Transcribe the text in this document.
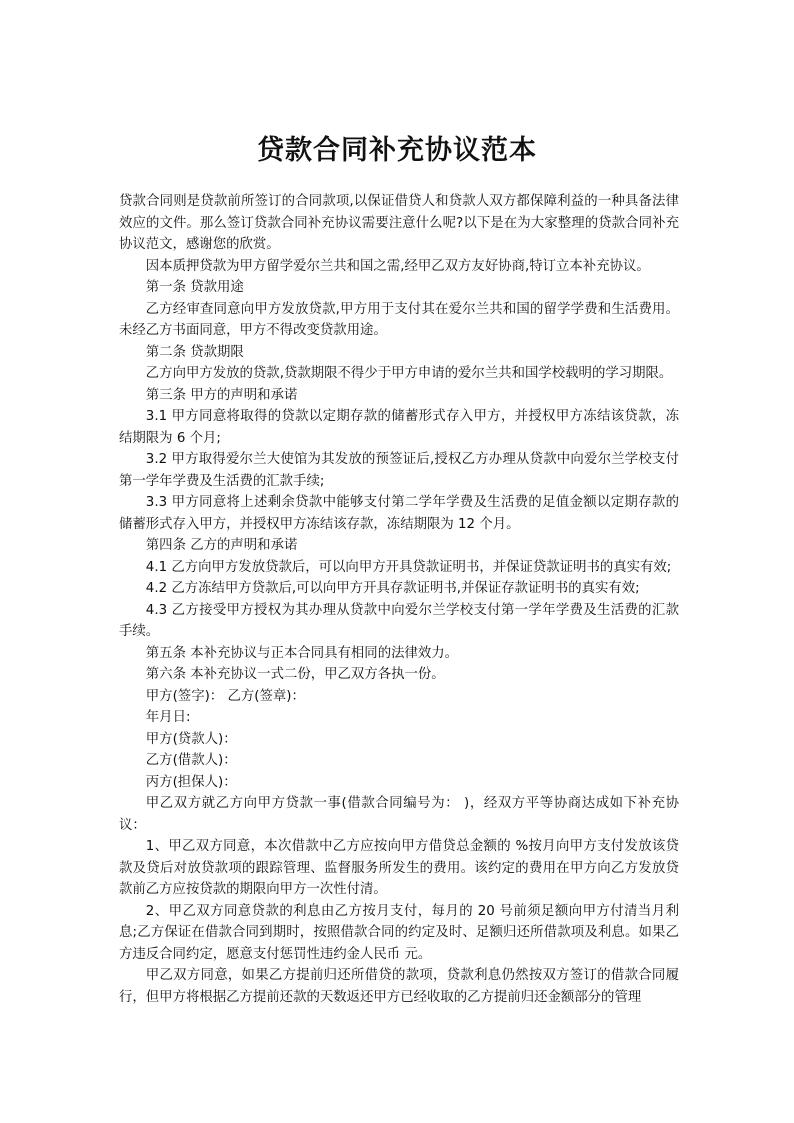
贷款合同补充协议范本

贷款合同则是贷款前所签订的合同款项,以保证借贷人和贷款人双方都保障利益的一种具备法律效应的文件。那么签订贷款合同补充协议需要注意什么呢?以下是在为大家整理的贷款合同补充协议范文，感谢您的欣赏。

因本质押贷款为甲方留学爱尔兰共和国之需,经甲乙双方友好协商,特订立本补充协议。

第一条 贷款用途

乙方经审查同意向甲方发放贷款,甲方用于支付其在爱尔兰共和国的留学学费和生活费用。未经乙方书面同意，甲方不得改变贷款用途。

第二条 贷款期限

乙方向甲方发放的贷款,贷款期限不得少于甲方申请的爱尔兰共和国学校载明的学习期限。

第三条 甲方的声明和承诺

3.1 甲方同意将取得的贷款以定期存款的储蓄形式存入甲方，并授权甲方冻结该贷款，冻结期限为 6 个月;

3.2 甲方取得爱尔兰大使馆为其发放的预签证后,授权乙方办理从贷款中向爱尔兰学校支付第一学年学费及生活费的汇款手续;

3.3 甲方同意将上述剩余贷款中能够支付第二学年学费及生活费的足值金额以定期存款的储蓄形式存入甲方，并授权甲方冻结该存款，冻结期限为 12 个月。

第四条 乙方的声明和承诺

4.1 乙方向甲方发放贷款后，可以向甲方开具贷款证明书，并保证贷款证明书的真实有效;

4.2 乙方冻结甲方贷款后,可以向甲方开具存款证明书,并保证存款证明书的真实有效;

4.3 乙方接受甲方授权为其办理从贷款中向爱尔兰学校支付第一学年学费及生活费的汇款手续。

第五条 本补充协议与正本合同具有相同的法律效力。

第六条 本补充协议一式二份，甲乙双方各执一份。

甲方(签字)： 乙方(签章)：

年月日:

甲方(贷款人)：

乙方(借款人)：

丙方(担保人)：

甲乙双方就乙方向甲方贷款一事(借款合同编号为： )，经双方平等协商达成如下补充协议：

1、甲乙双方同意，本次借款中乙方应按向甲方借贷总金额的 %按月向甲方支付发放该贷款及贷后对放贷款项的跟踪管理、监督服务所发生的费用。该约定的费用在甲方向乙方发放贷款前乙方应按贷款的期限向甲方一次性付清。

2、甲乙双方同意贷款的利息由乙方按月支付，每月的 20 号前须足额向甲方付清当月利息;乙方保证在借款合同到期时，按照借款合同的约定及时、足额归还所借款项及利息。如果乙方违反合同约定，愿意支付惩罚性违约金人民币 元。

甲乙双方同意，如果乙方提前归还所借贷的款项，贷款利息仍然按双方签订的借款合同履行，但甲方将根据乙方提前还款的天数返还甲方已经收取的乙方提前归还金额部分的管理
